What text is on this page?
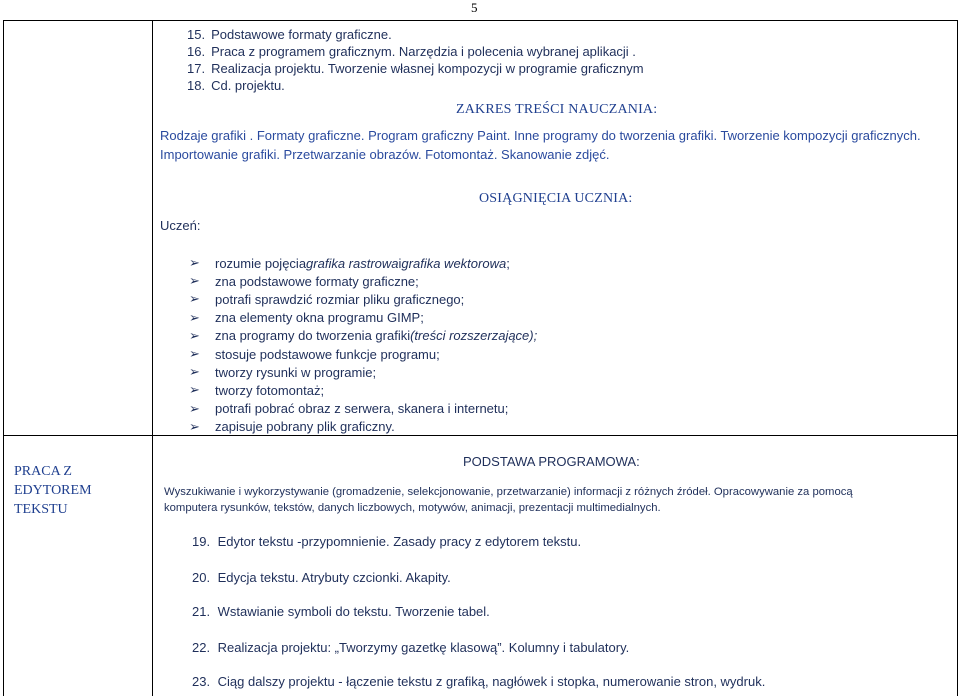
5
15. Podstawowe formaty graficzne.
16. Praca z programem graficznym. Narzędzia i polecenia wybranej aplikacji .
17. Realizacja projektu. Tworzenie własnej kompozycji w programie graficznym
18. Cd. projektu.
ZAKRES TREŚCI NAUCZANIA:
Rodzaje grafiki . Formaty graficzne. Program graficzny Paint. Inne programy do tworzenia grafiki. Tworzenie kompozycji graficznych.
Importowanie grafiki. Przetwarzanie obrazów. Fotomontaż. Skanowanie zdjęć.
OSIĄGNIĘCIA UCZNIA:
Uczeń:
➢	rozumie pojęcia grafika rastrowa i grafika wektorowa ;
➢	zna podstawowe formaty graficzne;
➢	potrafi sprawdzić rozmiar pliku graficznego;
➢	zna elementy okna programu GIMP;
➢	zna programy do tworzenia grafiki (treści rozszerzające);
➢	stosuje podstawowe funkcje programu;
➢	tworzy rysunki w programie;
➢	tworzy fotomontaż;
➢	potrafi pobrać obraz z serwera, skanera i internetu;
➢	zapisuje pobrany plik graficzny.
PRACA Z
EDYTOREM
TEKSTU
PODSTAWA PROGRAMOWA:
Wyszukiwanie i wykorzystywanie (gromadzenie, selekcjonowanie, przetwarzanie) informacji z różnych źródeł. Opracowywanie za pomocą
komputera rysunków, tekstów, danych liczbowych, motywów, animacji, prezentacji multimedialnych.
19. Edytor tekstu -przypomnienie. Zasady pracy z edytorem tekstu.
20. Edycja tekstu. Atrybuty czcionki. Akapity.
21. Wstawianie symboli do tekstu. Tworzenie tabel.
22. Realizacja projektu: „Tworzymy gazetkę klasową”. Kolumny i tabulatory.
23. Ciąg dalszy projektu - łączenie tekstu z grafiką, nagłówek i stopka, numerowanie stron, wydruk.
